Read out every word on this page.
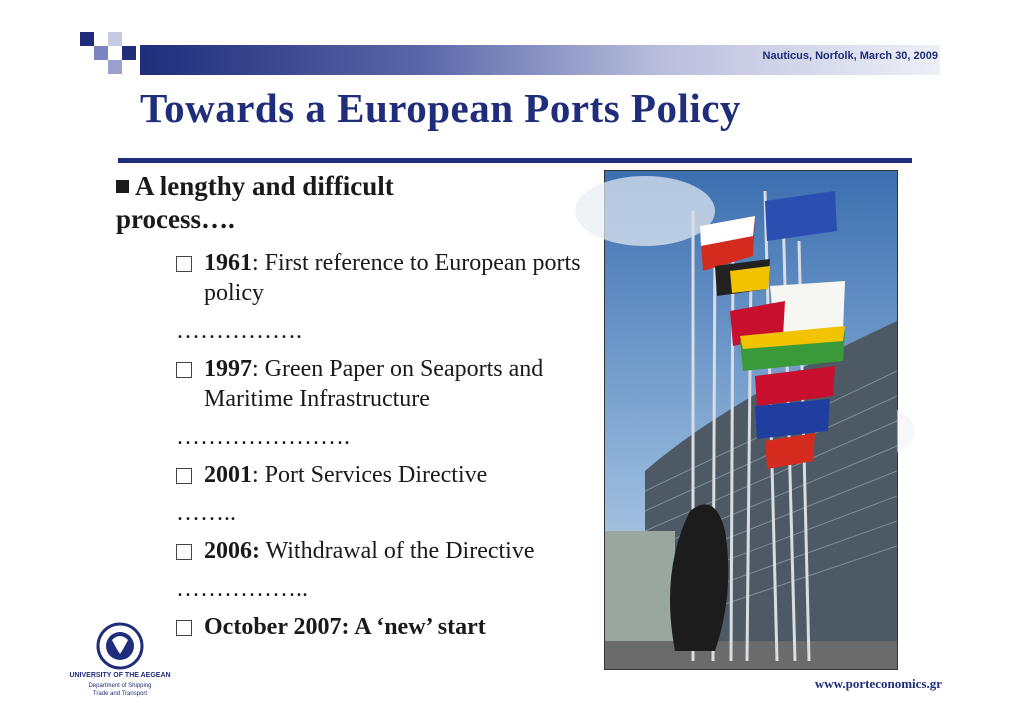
Nauticus, Norfolk, March 30, 2009
Towards a European Ports Policy
A lengthy and difficult process….
1961: First reference to European ports policy
…………….
1997: Green Paper on Seaports and Maritime Infrastructure
………………….
2001: Port Services Directive
……..
2006: Withdrawal of the Directive
……………..
October 2007: A ‘new’ start
UNIVERSITY OF THE AEGEAN
Department of Shipping
Trade and Transport
www.porteconomics.gr
